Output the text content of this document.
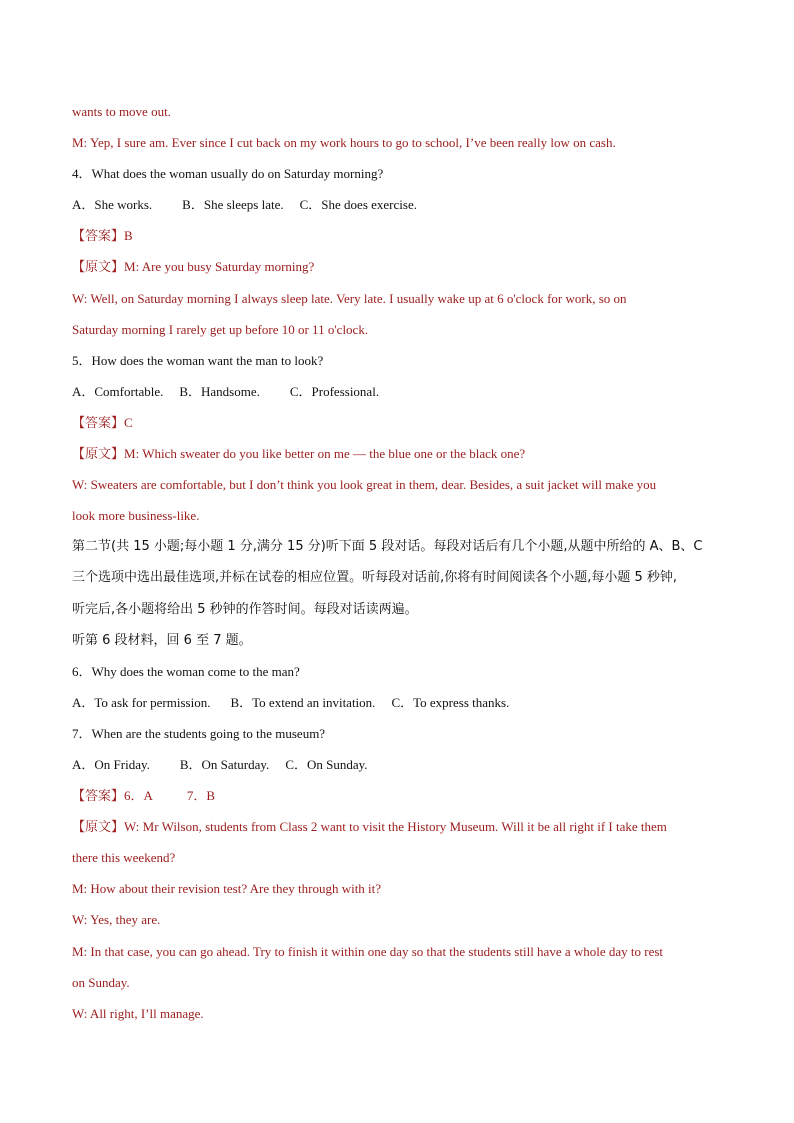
wants to move out.
M: Yep, I sure am. Ever since I cut back on my work hours to go to school, I’ve been really low on cash.
4．What does the woman usually do on Saturday morning?
A．She works. B．She sleeps late. C．She does exercise.
【答案】B
【原文】M: Are you busy Saturday morning?
W: Well, on Saturday morning I always sleep late. Very late. I usually wake up at 6 o'clock for work, so on
Saturday morning I rarely get up before 10 or 11 o'clock.
5．How does the woman want the man to look?
A．Comfortable. B．Handsome. C．Professional.
【答案】C
【原文】M: Which sweater do you like better on me — the blue one or the black one?
W: Sweaters are comfortable, but I don’t think you look great in them, dear. Besides, a suit jacket will make you
look more business-like.
第二节(共 15 小题;每小题 1 分,满分 15 分)听下面 5 段对话。每段对话后有几个小题,从题中所给的 A、B、C
三个选项中选出最佳选项,并标在试卷的相应位置。听每段对话前,你将有时间阅读各个小题,每小题 5 秒钟,
听完后,各小题将给出 5 秒钟的作答时间。每段对话读两遍。
听第 6 段材料，回 6 至 7 题。
6．Why does the woman come to the man?
A．To ask for permission. B．To extend an invitation. C．To express thanks.
7．When are the students going to the museum?
A．On Friday. B．On Saturday. C．On Sunday.
【答案】6．A	7．B
【原文】W: Mr Wilson, students from Class 2 want to visit the History Museum. Will it be all right if I take them
there this weekend?
M: How about their revision test? Are they through with it?
W: Yes, they are.
M: In that case, you can go ahead. Try to finish it within one day so that the students still have a whole day to rest
on Sunday.
W: All right, I’ll manage.
